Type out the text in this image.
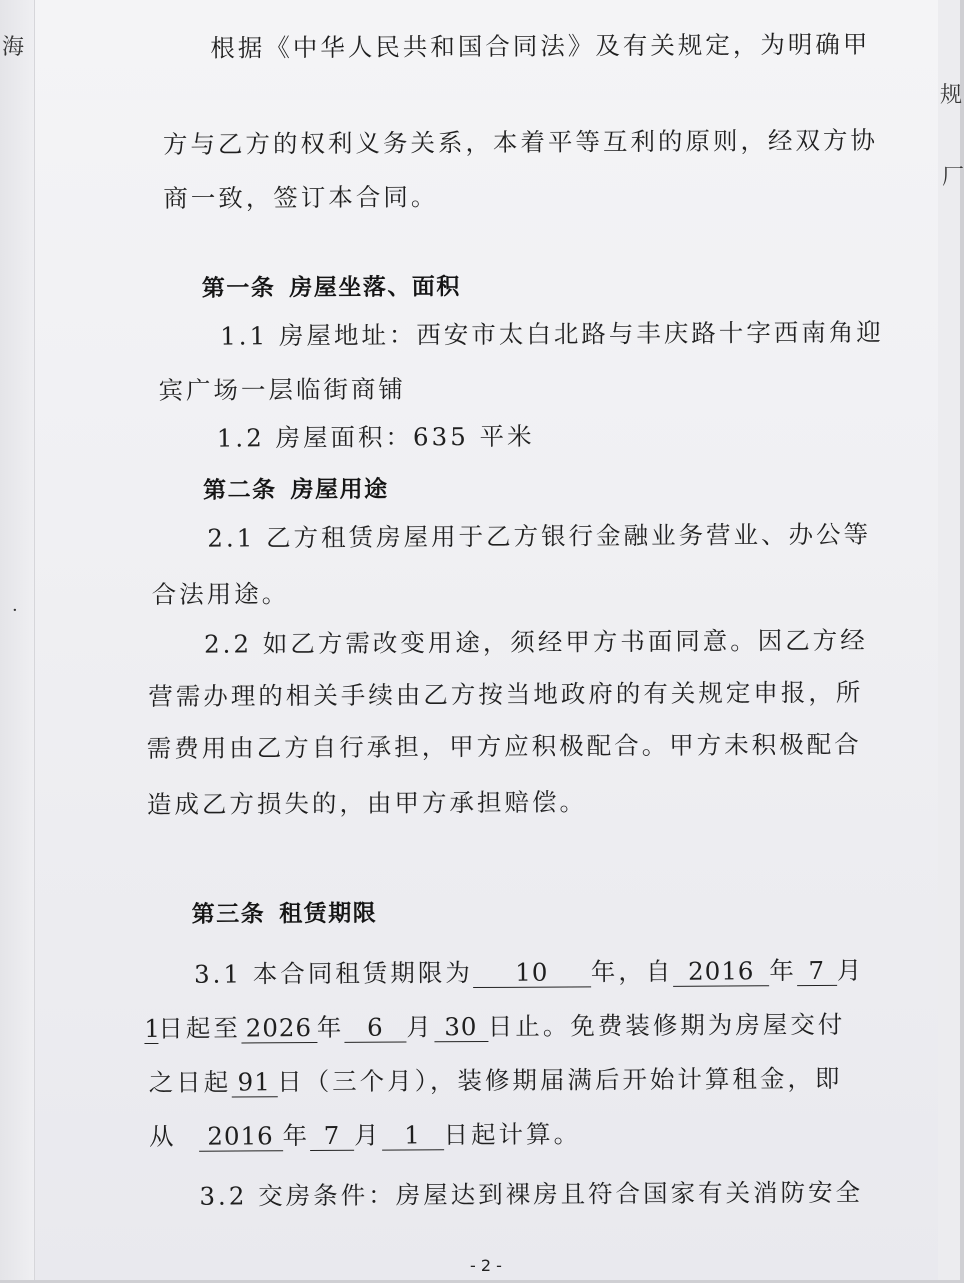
海
·
规
厂
根据《中华人民共和国合同法》及有关规定，为明确甲
方与乙方的权利义务关系，本着平等互利的原则，经双方协
商一致，签订本合同。
第一条 房屋坐落、面积
1.1 房屋地址：西安市太白北路与丰庆路十字西南角迎
宾广场一层临街商铺
1.2 房屋面积：635 平米
第二条 房屋用途
2.1 乙方租赁房屋用于乙方银行金融业务营业、办公等
合法用途。
2.2 如乙方需改变用途，须经甲方书面同意。因乙方经
营需办理的相关手续由乙方按当地政府的有关规定申报，所
需费用由乙方自行承担，甲方应积极配合。甲方未积极配合
造成乙方损失的，由甲方承担赔偿。
第三条 租赁期限
3.1 本合同租赁期限为 10 年，自 2016 年 7 月
1日起至 2026 年 6 月 30 日止。免费装修期为房屋交付
之日起 91 日（三个月），装修期届满后开始计算租金，即
从 2016 年 7 月 1 日起计算。
3.2 交房条件：房屋达到裸房且符合国家有关消防安全
- 2 -
